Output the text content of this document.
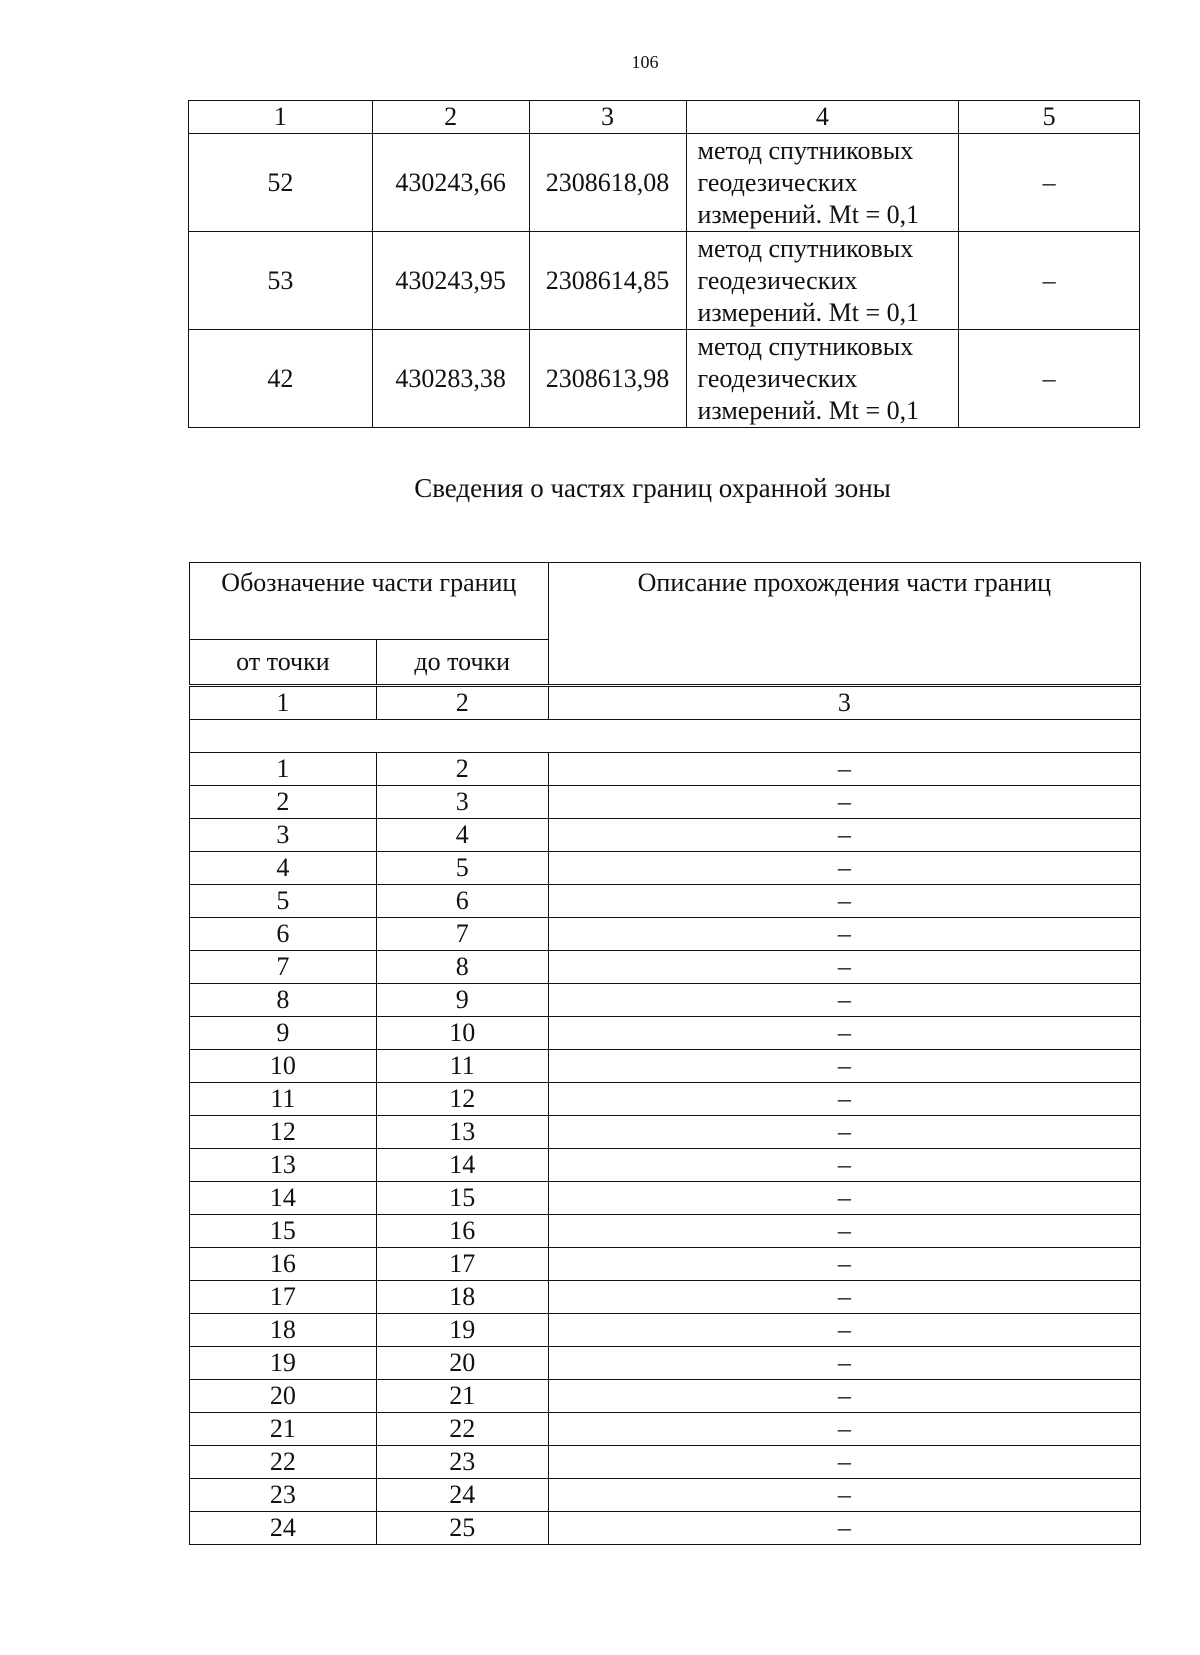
106
1	2	3	4	5
52	430243,66	2308618,08	метод спутниковых
геодезических
измерений. Mt = 0,1	–
53	430243,95	2308614,85	метод спутниковых
геодезических
измерений. Mt = 0,1	–
42	430283,38	2308613,98	метод спутниковых
геодезических
измерений. Mt = 0,1	–
Сведения о частях границ охранной зоны
Обозначение части границ		Описание прохождения части границ
от точки	до точки	
1	2	3

1	2	–
2	3	–
3	4	–
4	5	–
5	6	–
6	7	–
7	8	–
8	9	–
9	10	–
10	11	–
11	12	–
12	13	–
13	14	–
14	15	–
15	16	–
16	17	–
17	18	–
18	19	–
19	20	–
20	21	–
21	22	–
22	23	–
23	24	–
24	25	–
